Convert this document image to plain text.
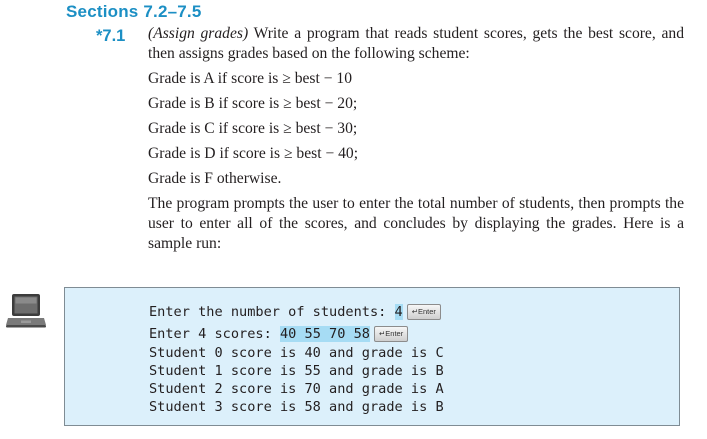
Sections 7.2–7.5
*7.1 (Assign grades) Write a program that reads student scores, gets the best score, and then assigns grades based on the following scheme:

Grade is A if score is ≥ best − 10
Grade is B if score is ≥ best − 20;
Grade is C if score is ≥ best − 30;
Grade is D if score is ≥ best − 40;
Grade is F otherwise.

The program prompts the user to enter the total number of students, then prompts the user to enter all of the scores, and concludes by displaying the grades. Here is a sample run:

Enter the number of students: 4 ↵Enter
Enter 4 scores: 40 55 70 58 ↵Enter
Student 0 score is 40 and grade is C
Student 1 score is 55 and grade is B
Student 2 score is 70 and grade is A
Student 3 score is 58 and grade is B
